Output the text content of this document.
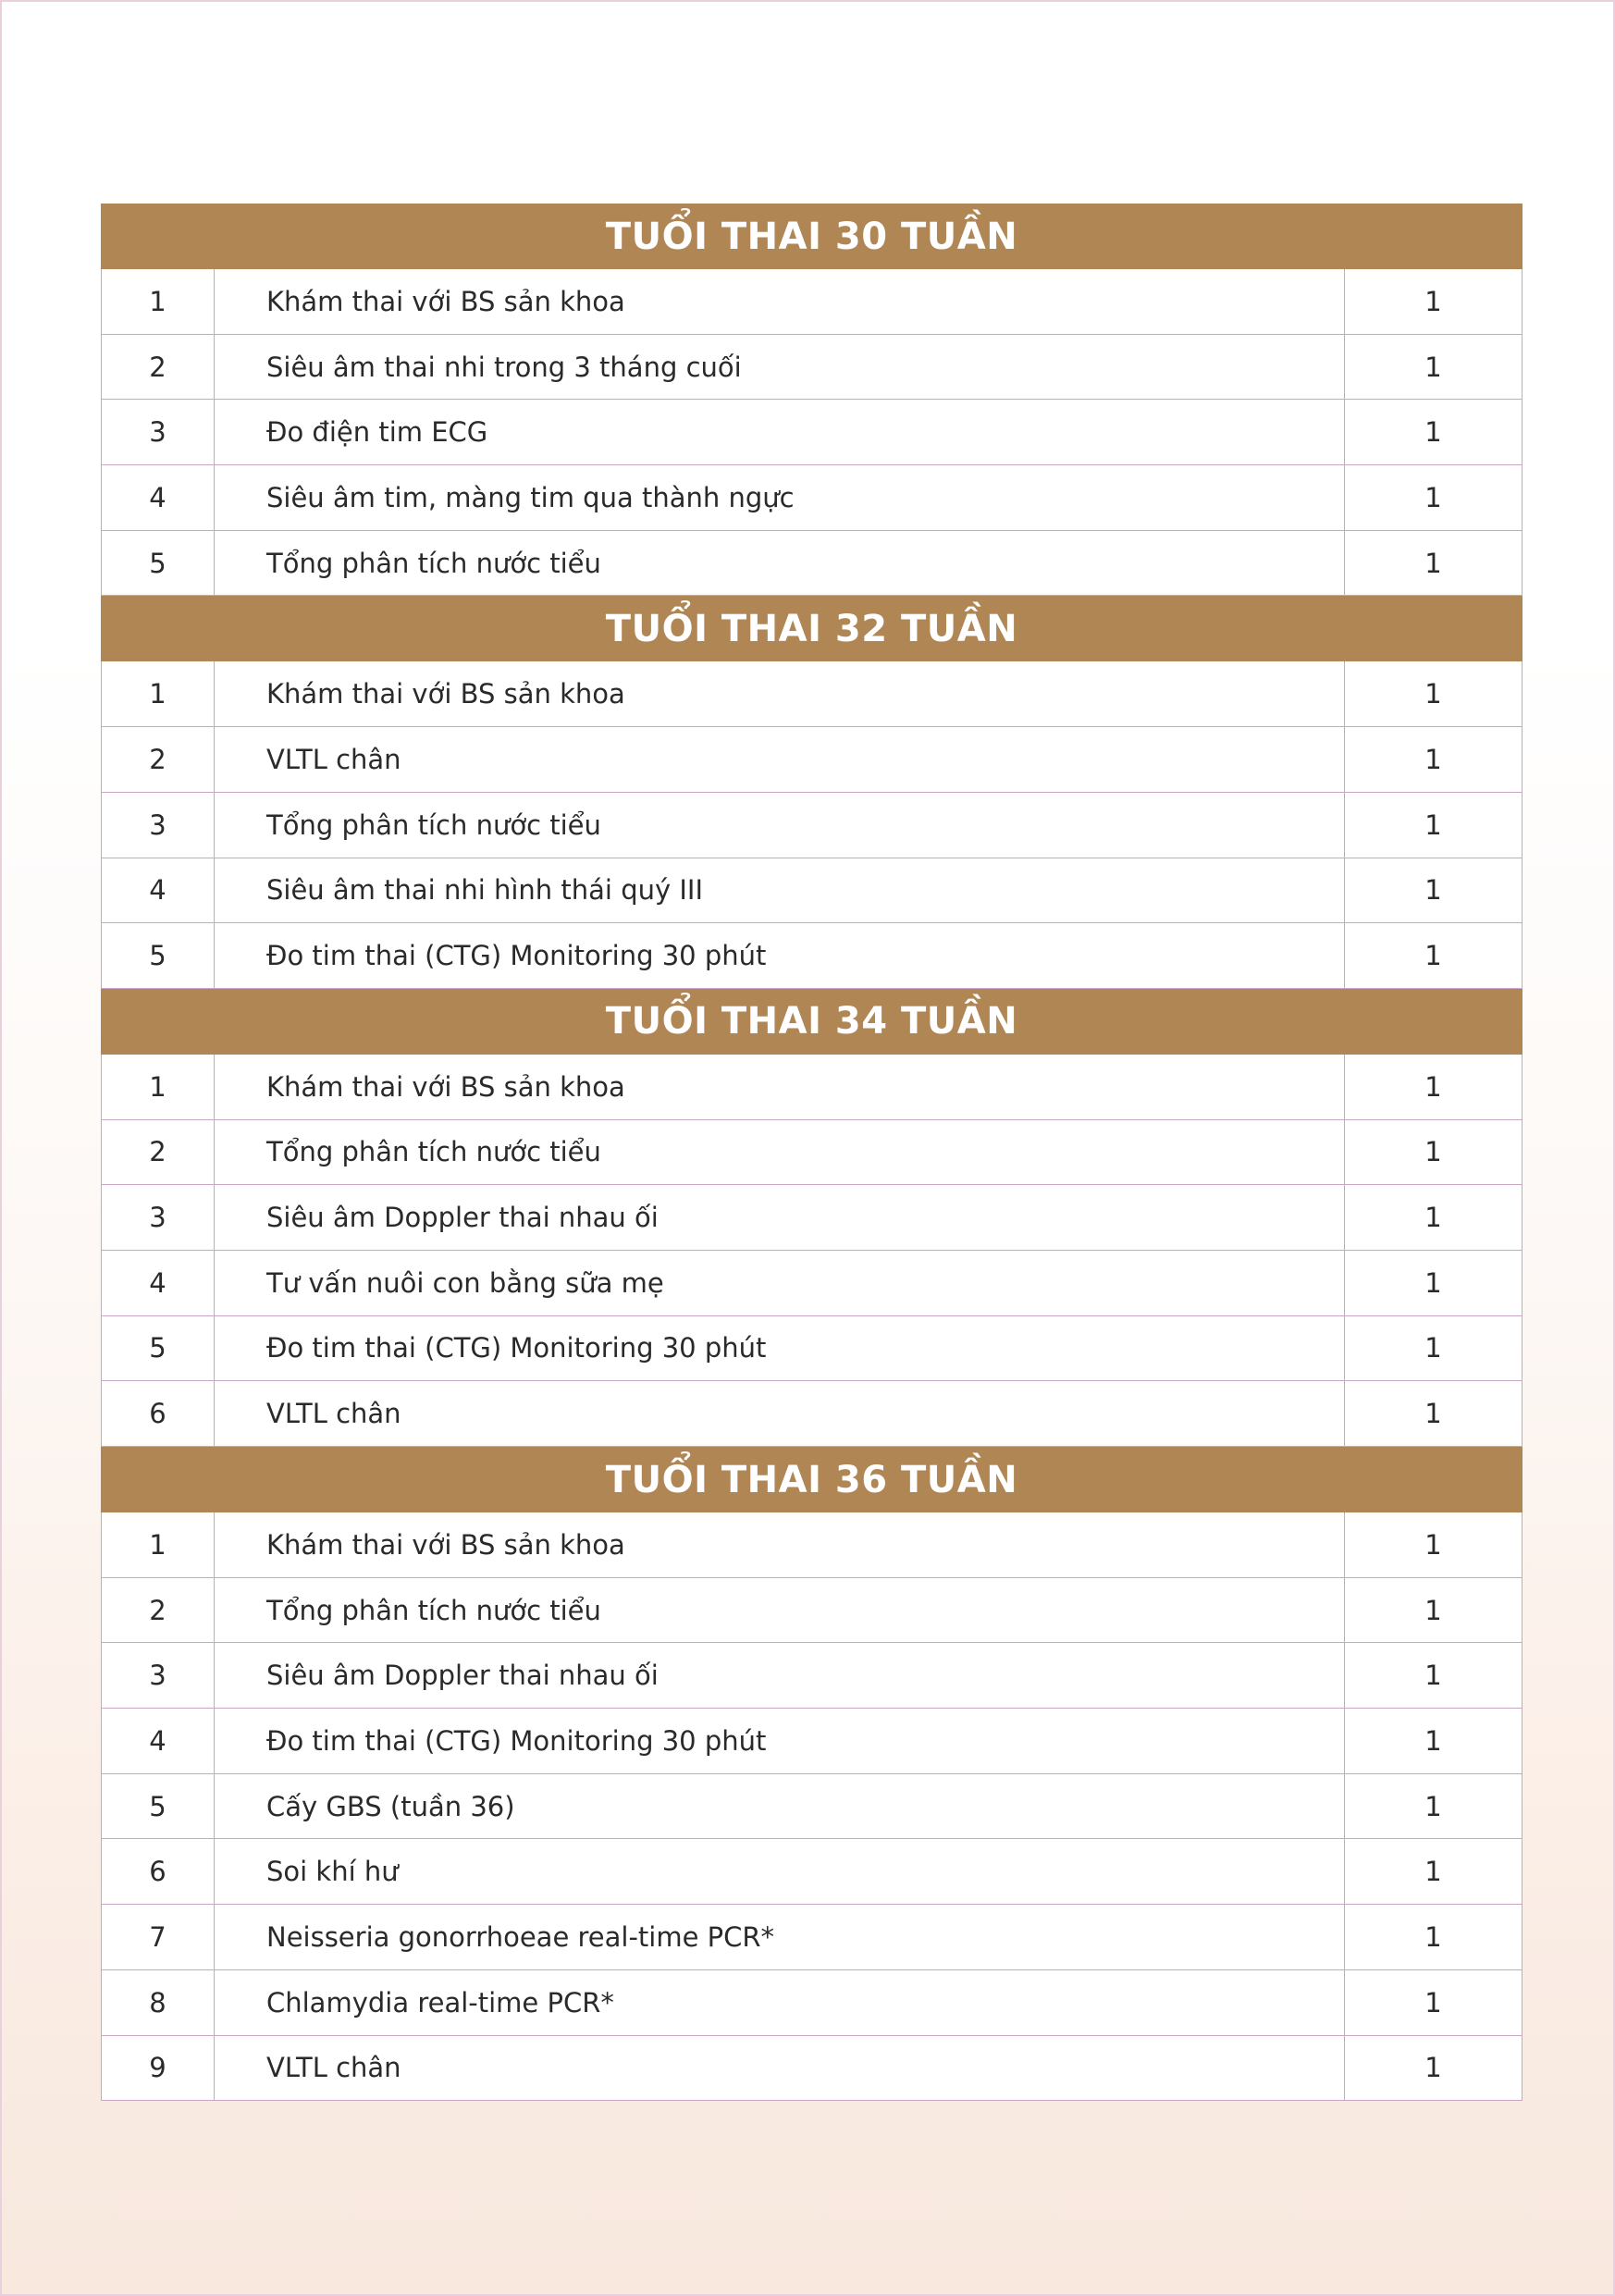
TUỔI THAI 30 TUẦN
1	Khám thai với BS sản khoa	1
2	Siêu âm thai nhi trong 3 tháng cuối	1
3	Đo điện tim ECG	1
4	Siêu âm tim, màng tim qua thành ngực	1
5	Tổng phân tích nước tiểu	1
TUỔI THAI 32 TUẦN
1	Khám thai với BS sản khoa	1
2	VLTL chân	1
3	Tổng phân tích nước tiểu	1
4	Siêu âm thai nhi hình thái quý III	1
5	Đo tim thai (CTG) Monitoring 30 phút	1
TUỔI THAI 34 TUẦN
1	Khám thai với BS sản khoa	1
2	Tổng phân tích nước tiểu	1
3	Siêu âm Doppler thai nhau ối	1
4	Tư vấn nuôi con bằng sữa mẹ	1
5	Đo tim thai (CTG) Monitoring 30 phút	1
6	VLTL chân	1
TUỔI THAI 36 TUẦN
1	Khám thai với BS sản khoa	1
2	Tổng phân tích nước tiểu	1
3	Siêu âm Doppler thai nhau ối	1
4	Đo tim thai (CTG) Monitoring 30 phút	1
5	Cấy GBS (tuần 36)	1
6	Soi khí hư	1
7	Neisseria gonorrhoeae real-time PCR*	1
8	Chlamydia real-time PCR*	1
9	VLTL chân	1
